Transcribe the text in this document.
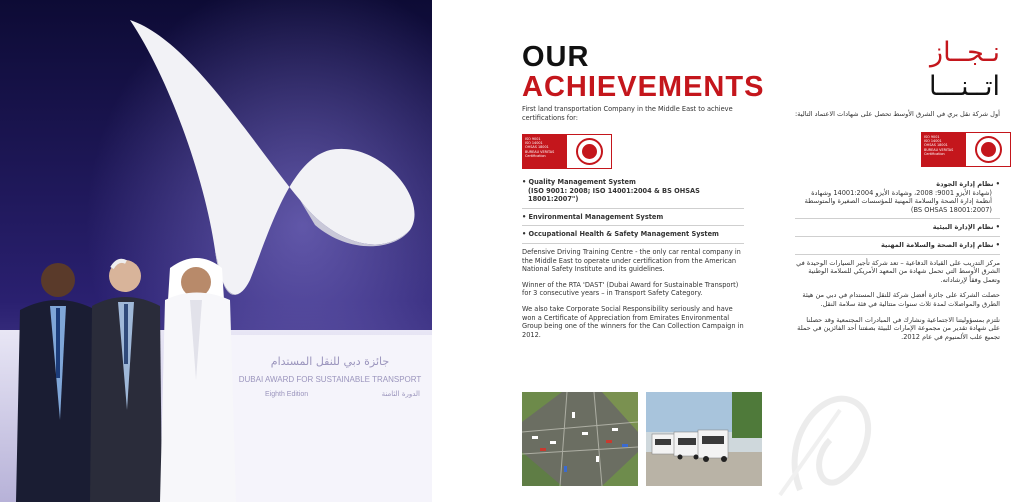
جائزة دبي للنقل المستدام
DUBAI AWARD FOR SUSTAINABLE TRANSPORT
Eighth Edition	الدورة الثامنة
OUR
ACHIEVEMENTS
First land transportation Company in the Middle East to achieve certifications for:
ISO 9001
ISO 14001
OHSAS 18001
BUREAU VERITAS
Certification
• Quality Management System
(ISO 9001: 2008; ISO 14001:2004 & BS OHSAS 18001:2007")
• Environmental Management System
• Occupational Health & Safety Management System

Defensive Driving Training Centre - the only car rental company in the Middle East to operate under certification from the American National Safety Institute and its guidelines.

Winner of the RTA 'DAST' (Dubai Award for Sustainable Transport) for 3 consecutive years – in Transport Safety Category.

We also take Corporate Social Responsibility seriously and have won a Certificate of Appreciation from Emirates Environmental Group being one of the winners for the Can Collection Campaign in 2012.

نـجــاز
اتــنـــا
أول شركة نقل بري في الشرق الأوسط تحصل على شهادات الاعتماد التالية:
ISO 9001
ISO 14001
OHSAS 18001
BUREAU VERITAS
Certification
• نظام إدارة الجودة
(شهادة الأيزو 9001: 2008، وشهادة الأيزو 14001:2004 وشهادة أنظمة إدارة الصحة والسلامة المهنية للمؤسسات الصغيرة والمتوسطة (BS OHSAS 18001:2007)
• نظام الإدارة البيئية
• نظام إدارة الصحة والسلامة المهنية

مركز التدريب على القيادة الدفاعية – تعد شركة تأجير السيارات الوحيدة في الشرق الأوسط التي تحمل شهادة من المعهد الأمريكي للسلامة الوطنية وتعمل وفقاً لإرشاداته.

حصلت الشركة على جائزة أفضل شركة للنقل المستدام في دبي من هيئة الطرق والمواصلات لمدة ثلاث سنوات متتالية في فئة سلامة النقل.

نلتزم بمسؤوليتنا الاجتماعية ونشارك في المبادرات المجتمعية وقد حصلنا على شهادة تقدير من مجموعة الإمارات للبيئة بصفتنا أحد الفائزين في حملة تجميع علب الألمنيوم في عام 2012.
